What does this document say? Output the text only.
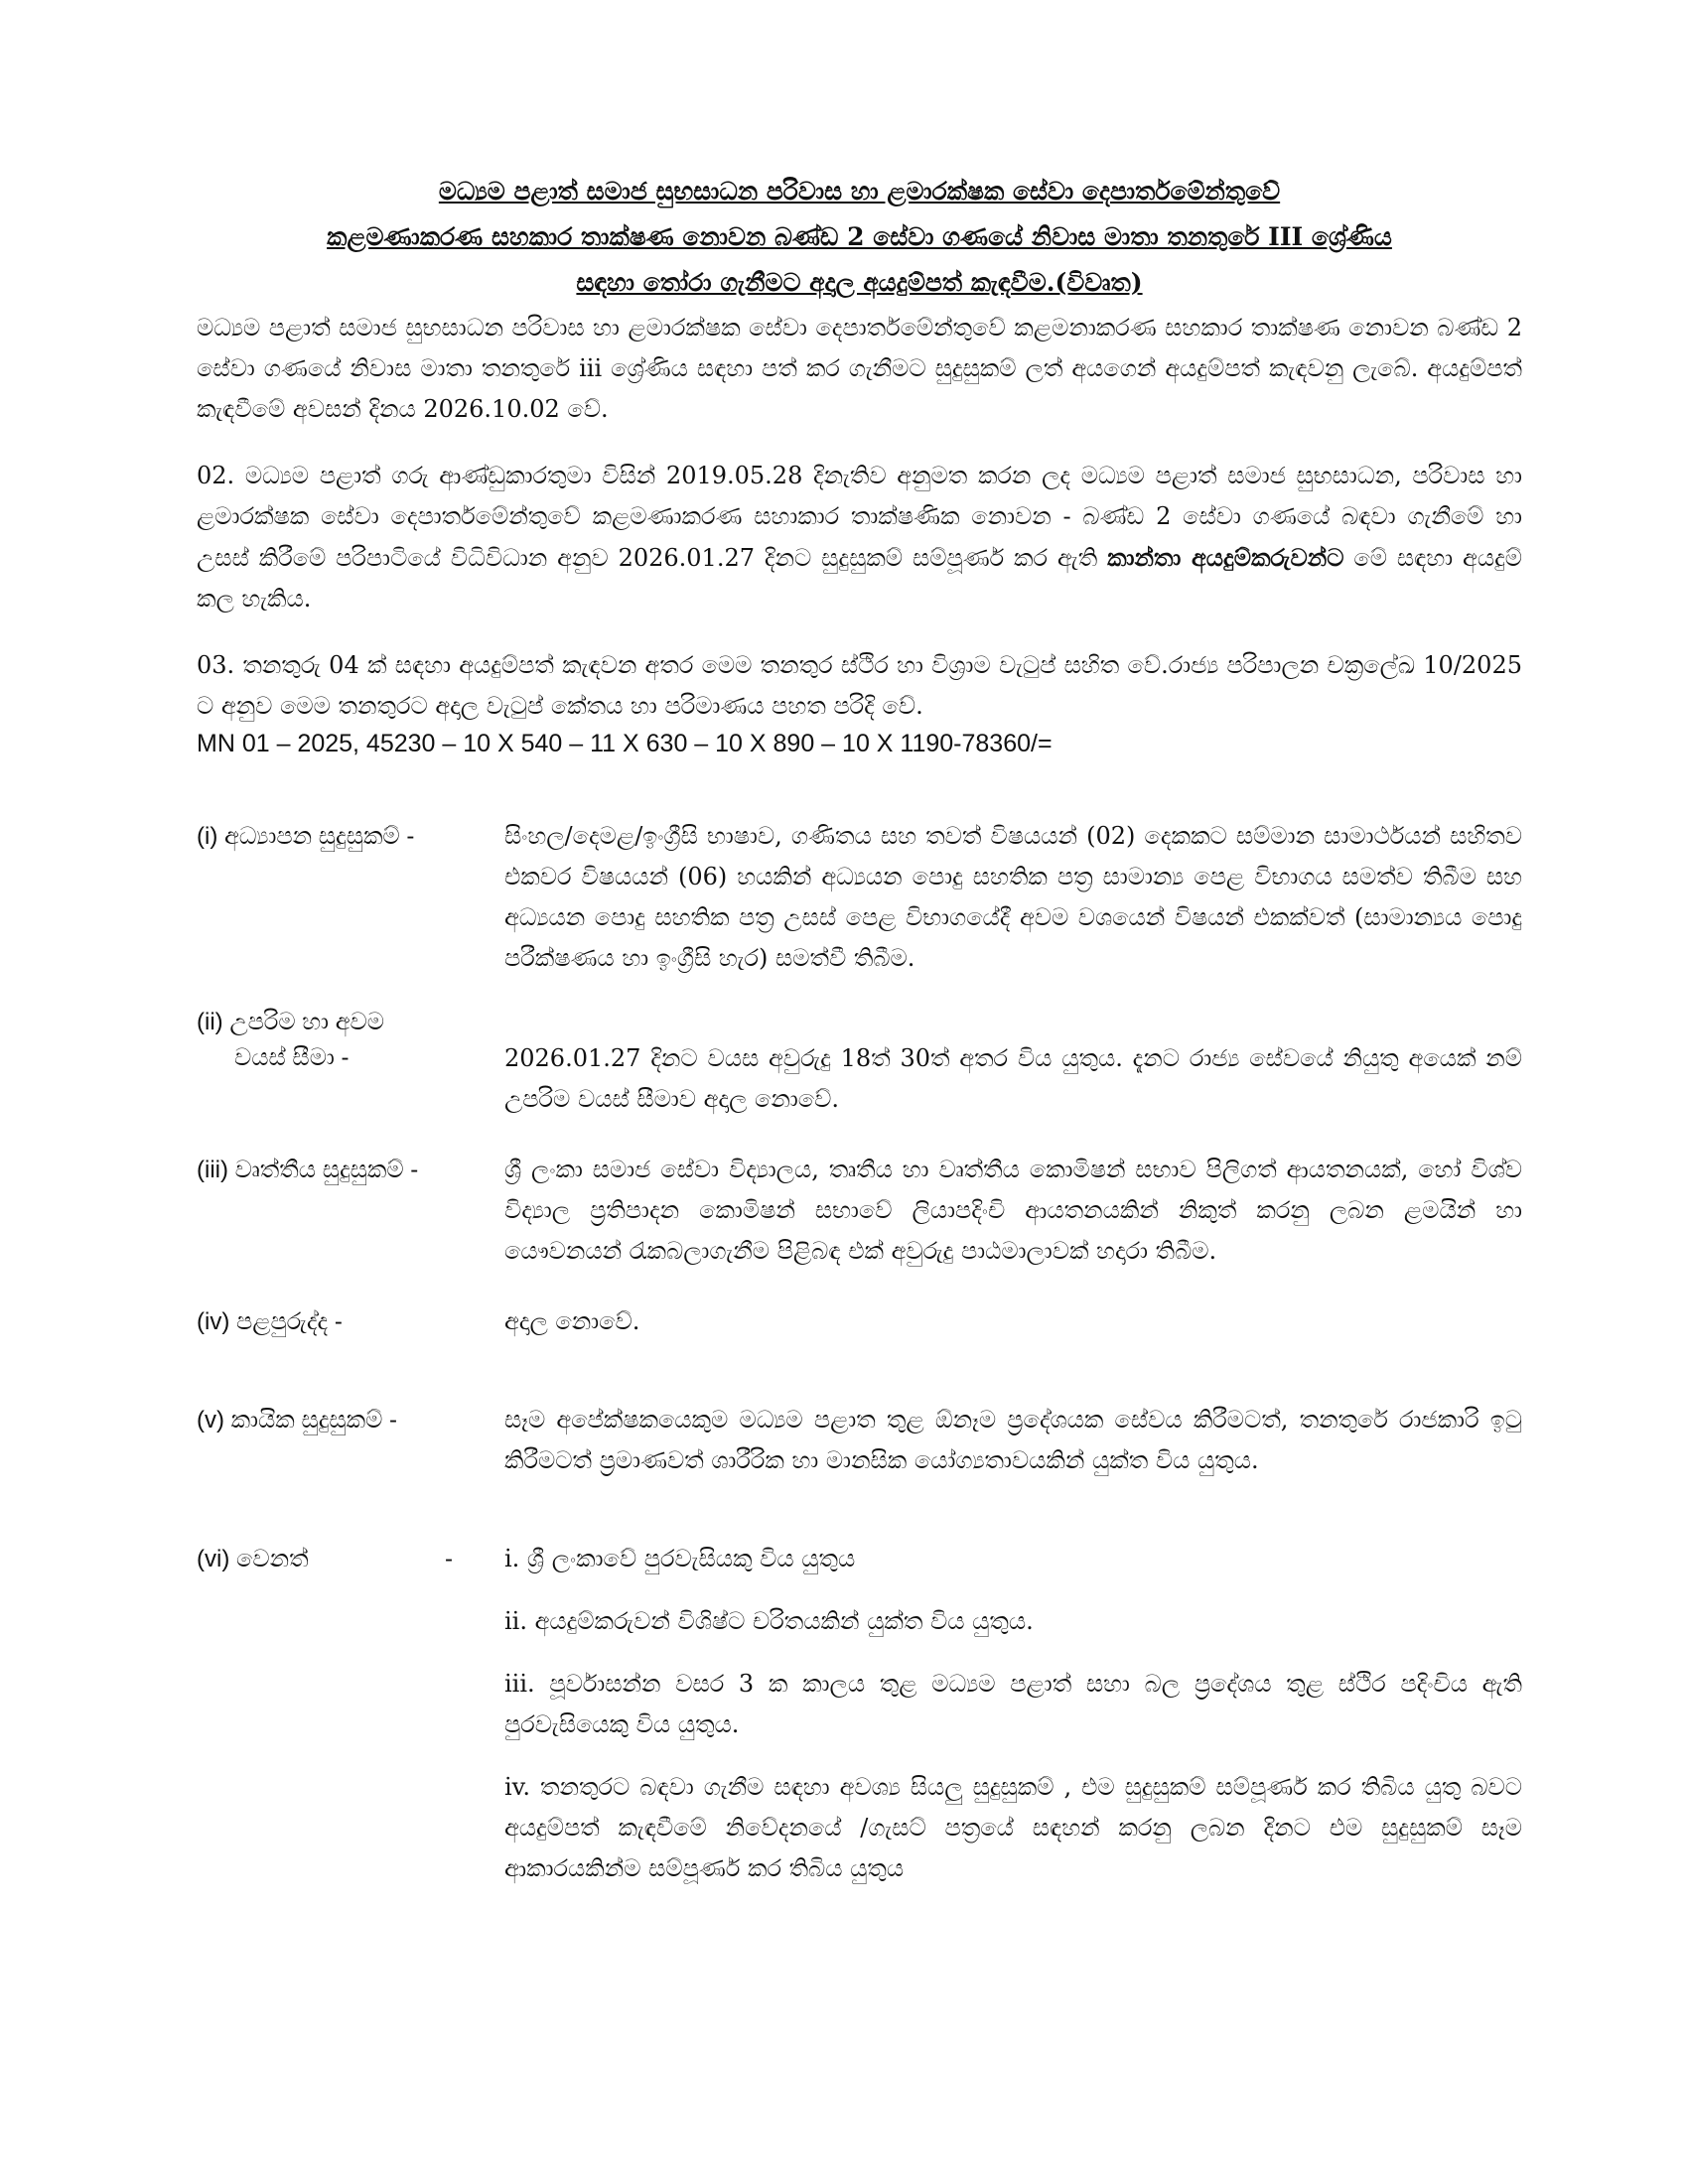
මධ්‍යම පළාත් සමාජ සුභසාධන පරිවාස හා ළමාරක්ෂක සේවා දෙපාර්තමේන්තුවේ
කළමණාකරණ සහකාර තාක්ෂණ නොවන බණ්ඩ 2 සේවා ගණයේ නිවාස මාතා තනතුරේ III ශ්‍රේණිය
සඳහා තෝරා ගැනීමට අදාල අයදුම්පත් කැඳවීම.(විවෘත)

මධ්‍යම පළාත් සමාජ සුභසාධන පරිවාස හා ළමාරක්ෂක සේවා දෙපාර්තමේන්තුවේ කළමනාකරණ සහකාර තාක්ෂණ නොවන බණ්ඩ 2 සේවා ගණයේ නිවාස මාතා තනතුරේ iii ශ්‍රේණිය සඳහා පත් කර ගැනීමට සුදුසුකම් ලත් අයගෙන් අයදුම්පත් කැඳවනු ලැබේ. අයදුම්පත් කැඳවීමේ අවසන් දිනය 2026.10.02 වේ.

02. මධ්‍යම පළාත් ගරු ආණ්ඩුකාරතුමා විසින් 2019.05.28 දිනැතිව අනුමත කරන ලද මධ්‍යම පළාත් සමාජ සුභසාධන, පරිවාස හා ළමාරක්ෂක සේවා දෙපාර්තමේන්තුවේ කළමණාකරණ සහාකාර තාක්ෂණික නොවන - බණ්ඩ 2 සේවා ගණයේ බඳවා ගැනීමේ හා උසස් කිරීමේ පරිපාටියේ විධිවිධාන අනුව 2026.01.27 දිනට සුදුසුකම් සම්පූර්ණ කර ඇති කාන්තා අයදුම්කරුවන්ට මේ සඳහා අයදුම් කල හැකිය.

03. තනතුරු 04 ක් සඳහා අයදුම්පත් කැඳවන අතර මෙම තනතුර ස්ථිර හා විශ්‍රාම වැටුප් සහිත වේ.රාජ්‍ය පරිපාලන චක්‍රලේඛ 10/2025 ට අනුව මෙම තනතුරට අදාල වැටුප් කේතය හා පරිමාණය පහත පරිදි වේ.

MN 01 – 2025, 45230 – 10 X 540 – 11 X 630 – 10 X 890 – 10 X 1190-78360/=
(i) අධ්‍යාපන සුදුසුකම් -	සිංහල/දෙමළ/ඉංග්‍රීසි භාෂාව, ගණිතය සහ තවත් විෂයයන් (02) දෙකකට සම්මාන සාමාර්ථයන් සහිතව එකවර විෂයයන් (06) හයකින් අධ්‍යයන පොදු සහතික පත්‍ර සාමාන්‍ය පෙළ විභාගය සමත්ව තිබීම සහ අධ්‍යයන පොදු සහතික පත්‍ර උසස් පෙළ විභාගයේදී අවම වශයෙන් විෂයන් එකක්වත් (සාමාන්‍යය පොදු පරීක්ෂණය හා ඉංග්‍රීසි හැර) සමත්වී තිබීම.
(ii) උපරිම හා අවම
වයස් සීමා -	2026.01.27 දිනට වයස අවුරුදු 18ත් 30ත් අතර විය යුතුය. දැනට රාජ්‍ය සේවයේ නියුතු අයෙක් නම් උපරිම වයස් සීමාව අදාල නොවේ.
(iii) වෘත්තීය සුදුසුකම් -	ශ්‍රී ලංකා සමාජ සේවා විද්‍යාලය, තෘතීය හා වෘත්තීය කොමිෂන් සභාව පිලිගත් ආයතනයක්, හෝ විශ්ව විද්‍යාල ප්‍රතිපාදන කොමිෂන් සභාවේ ලියාපදිංචි ආයතනයකින් නිකුත් කරනු ලබන ළමයින් හා යෞවනයන් රැකබලාගැනීම පිළිබඳ එක් අවුරුදු පාඨමාලාවක් හදාරා තිබීම.
(iv) පළපුරුද්ද -	අදාල නොවේ.
(v) කායික සුදුසුකම් -	සෑම අපේක්ෂකයෙකුම මධ්‍යම පළාත තුළ ඕනෑම ප්‍රදේශයක සේවය කිරීමටත්, තනතුරේ රාජකාරි ඉටු කිරීමටත් ප්‍රමාණවත් ශාරීරික හා මානසික යෝග්‍යතාවයකින් යුක්ත විය යුතුය.
(vi) වෙනත්	- i. ශ්‍රී ලංකාවේ පුරවැසියකු විය යුතුය
ii. අයදුම්කරුවන් විශිෂ්ට චරිතයකින් යුක්ත විය යුතුය.
iii. පූර්වාසන්න වසර 3 ක කාලය තුළ මධ්‍යම පළාත් සහා බල ප්‍රදේශය තුළ ස්ථිර පදිංචිය ඇති පුරවැසියෙකු විය යුතුය.
iv. තනතුරට බඳවා ගැනීම සඳහා අවශ්‍ය සියලු සුදුසුකම් , එම සුදුසුකම් සම්පූර්ණ කර තිබිය යුතු බවට අයදුම්පත් කැඳවීමේ නිවේදනයේ /ගැසට් පත්‍රයේ සඳහන් කරනු ලබන දිනට එම සුදුසුකම් සෑම ආකාරයකින්ම සම්පූර්ණ කර තිබිය යුතුය
